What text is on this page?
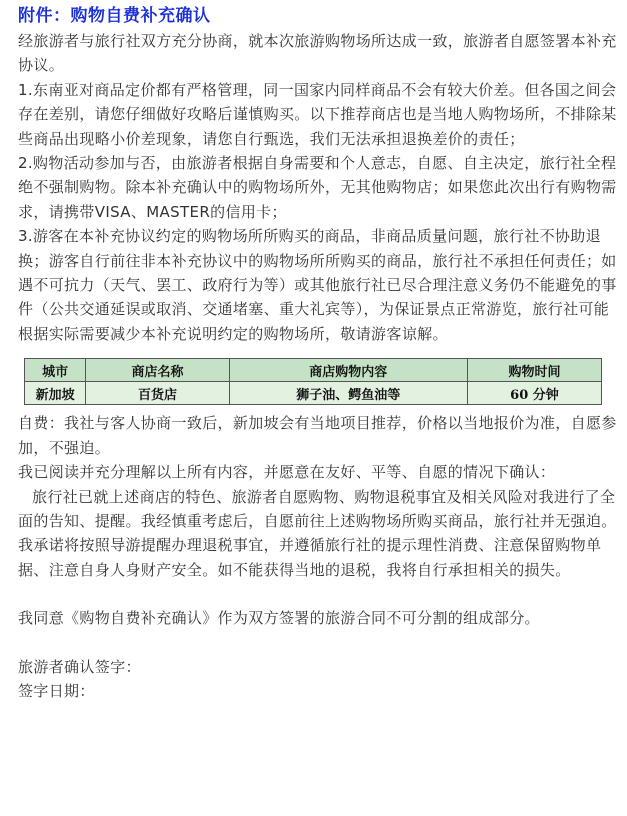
附件：购物自费补充确认

经旅游者与旅行社双方充分协商，就本次旅游购物场所达成一致，旅游者自愿签署本补充协议。

1.东南亚对商品定价都有严格管理，同一国家内同样商品不会有较大价差。但各国之间会存在差别，请您仔细做好攻略后谨慎购买。以下推荐商店也是当地人购物场所，不排除某些商品出现略小价差现象，请您自行甄选，我们无法承担退换差价的责任；

2.购物活动参加与否，由旅游者根据自身需要和个人意志，自愿、自主决定，旅行社全程绝不强制购物。除本补充确认中的购物场所外，无其他购物店；如果您此次出行有购物需求，请携带VISA、MASTER的信用卡；

3.游客在本补充协议约定的购物场所所购买的商品，非商品质量问题，旅行社不协助退换；游客自行前往非本补充协议中的购物场所所购买的商品，旅行社不承担任何责任；如遇不可抗力（天气、罢工、政府行为等）或其他旅行社已尽合理注意义务仍不能避免的事件（公共交通延误或取消、交通堵塞、重大礼宾等），为保证景点正常游览，旅行社可能根据实际需要减少本补充说明约定的购物场所，敬请游客谅解。

城市	商店名称	商店购物内容	购物时间
新加坡	百货店	狮子油、鳄鱼油等	60 分钟

自费：我社与客人协商一致后，新加坡会有当地项目推荐，价格以当地报价为准，自愿参加，不强迫。

我已阅读并充分理解以上所有内容，并愿意在友好、平等、自愿的情况下确认：

旅行社已就上述商店的特色、旅游者自愿购物、购物退税事宜及相关风险对我进行了全面的告知、提醒。我经慎重考虑后，自愿前往上述购物场所购买商品，旅行社并无强迫。我承诺将按照导游提醒办理退税事宜，并遵循旅行社的提示理性消费、注意保留购物单据、注意自身人身财产安全。如不能获得当地的退税，我将自行承担相关的损失。

我同意《购物自费补充确认》作为双方签署的旅游合同不可分割的组成部分。

旅游者确认签字：

签字日期：
